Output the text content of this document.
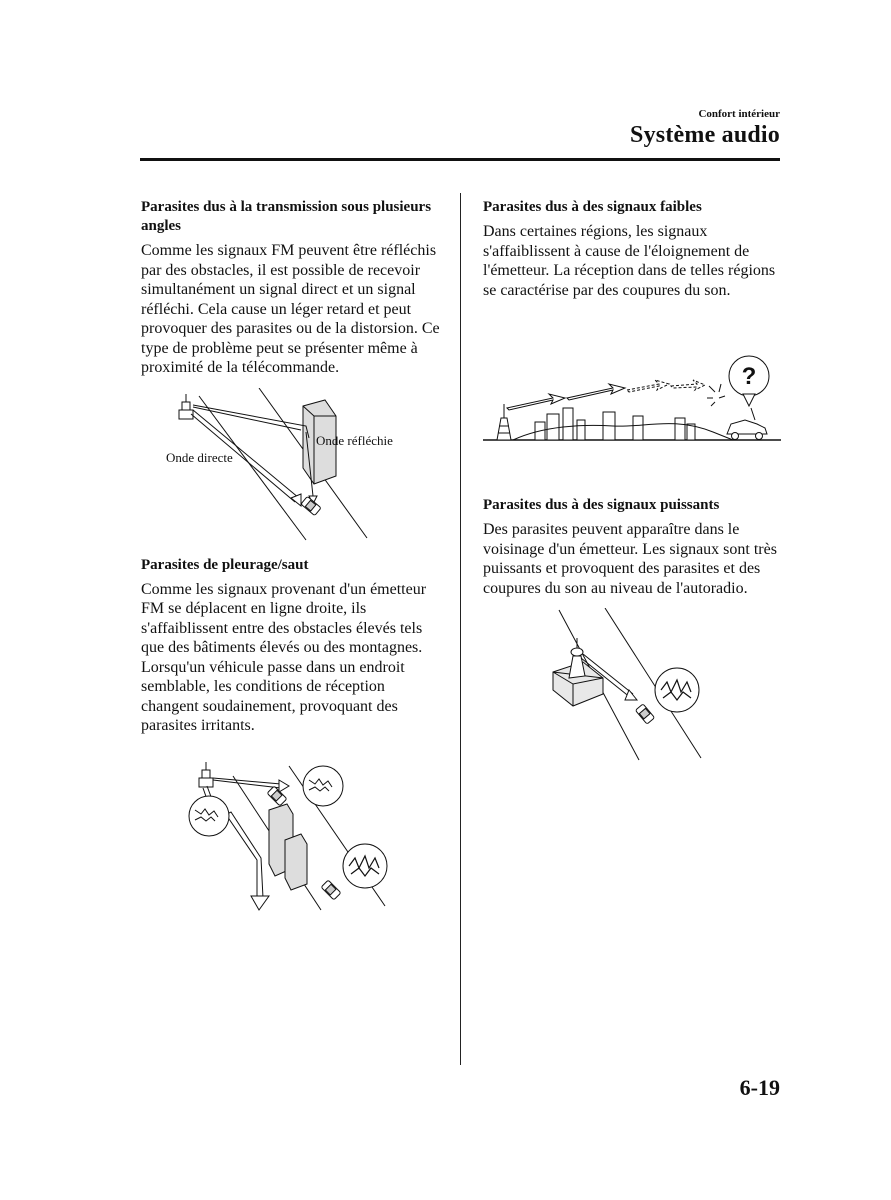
Confort intérieur
Système audio
Parasites dus à la transmission sous plusieurs angles

Comme les signaux FM peuvent être réfléchis par des obstacles, il est possible de recevoir simultanément un signal direct et un signal réfléchi. Cela cause un léger retard et peut provoquer des parasites ou de la distorsion. Ce type de problème peut se présenter même à proximité de la télécommande.

Onde réfléchie
Onde directe
Parasites de pleurage/saut

Comme les signaux provenant d'un émetteur FM se déplacent en ligne droite, ils s'affaiblissent entre des obstacles élevés tels que des bâtiments élevés ou des montagnes. Lorsqu'un véhicule passe dans un endroit semblable, les conditions de réception changent soudainement, provoquant des parasites irritants.

Parasites dus à des signaux faibles

Dans certaines régions, les signaux s'affaiblissent à cause de l'éloignement de l'émetteur. La réception dans de telles régions se caractérise par des coupures du son.

?
Parasites dus à des signaux puissants

Des parasites peuvent apparaître dans le voisinage d'un émetteur. Les signaux sont très puissants et provoquent des parasites et des coupures du son au niveau de l'autoradio.

6-19
